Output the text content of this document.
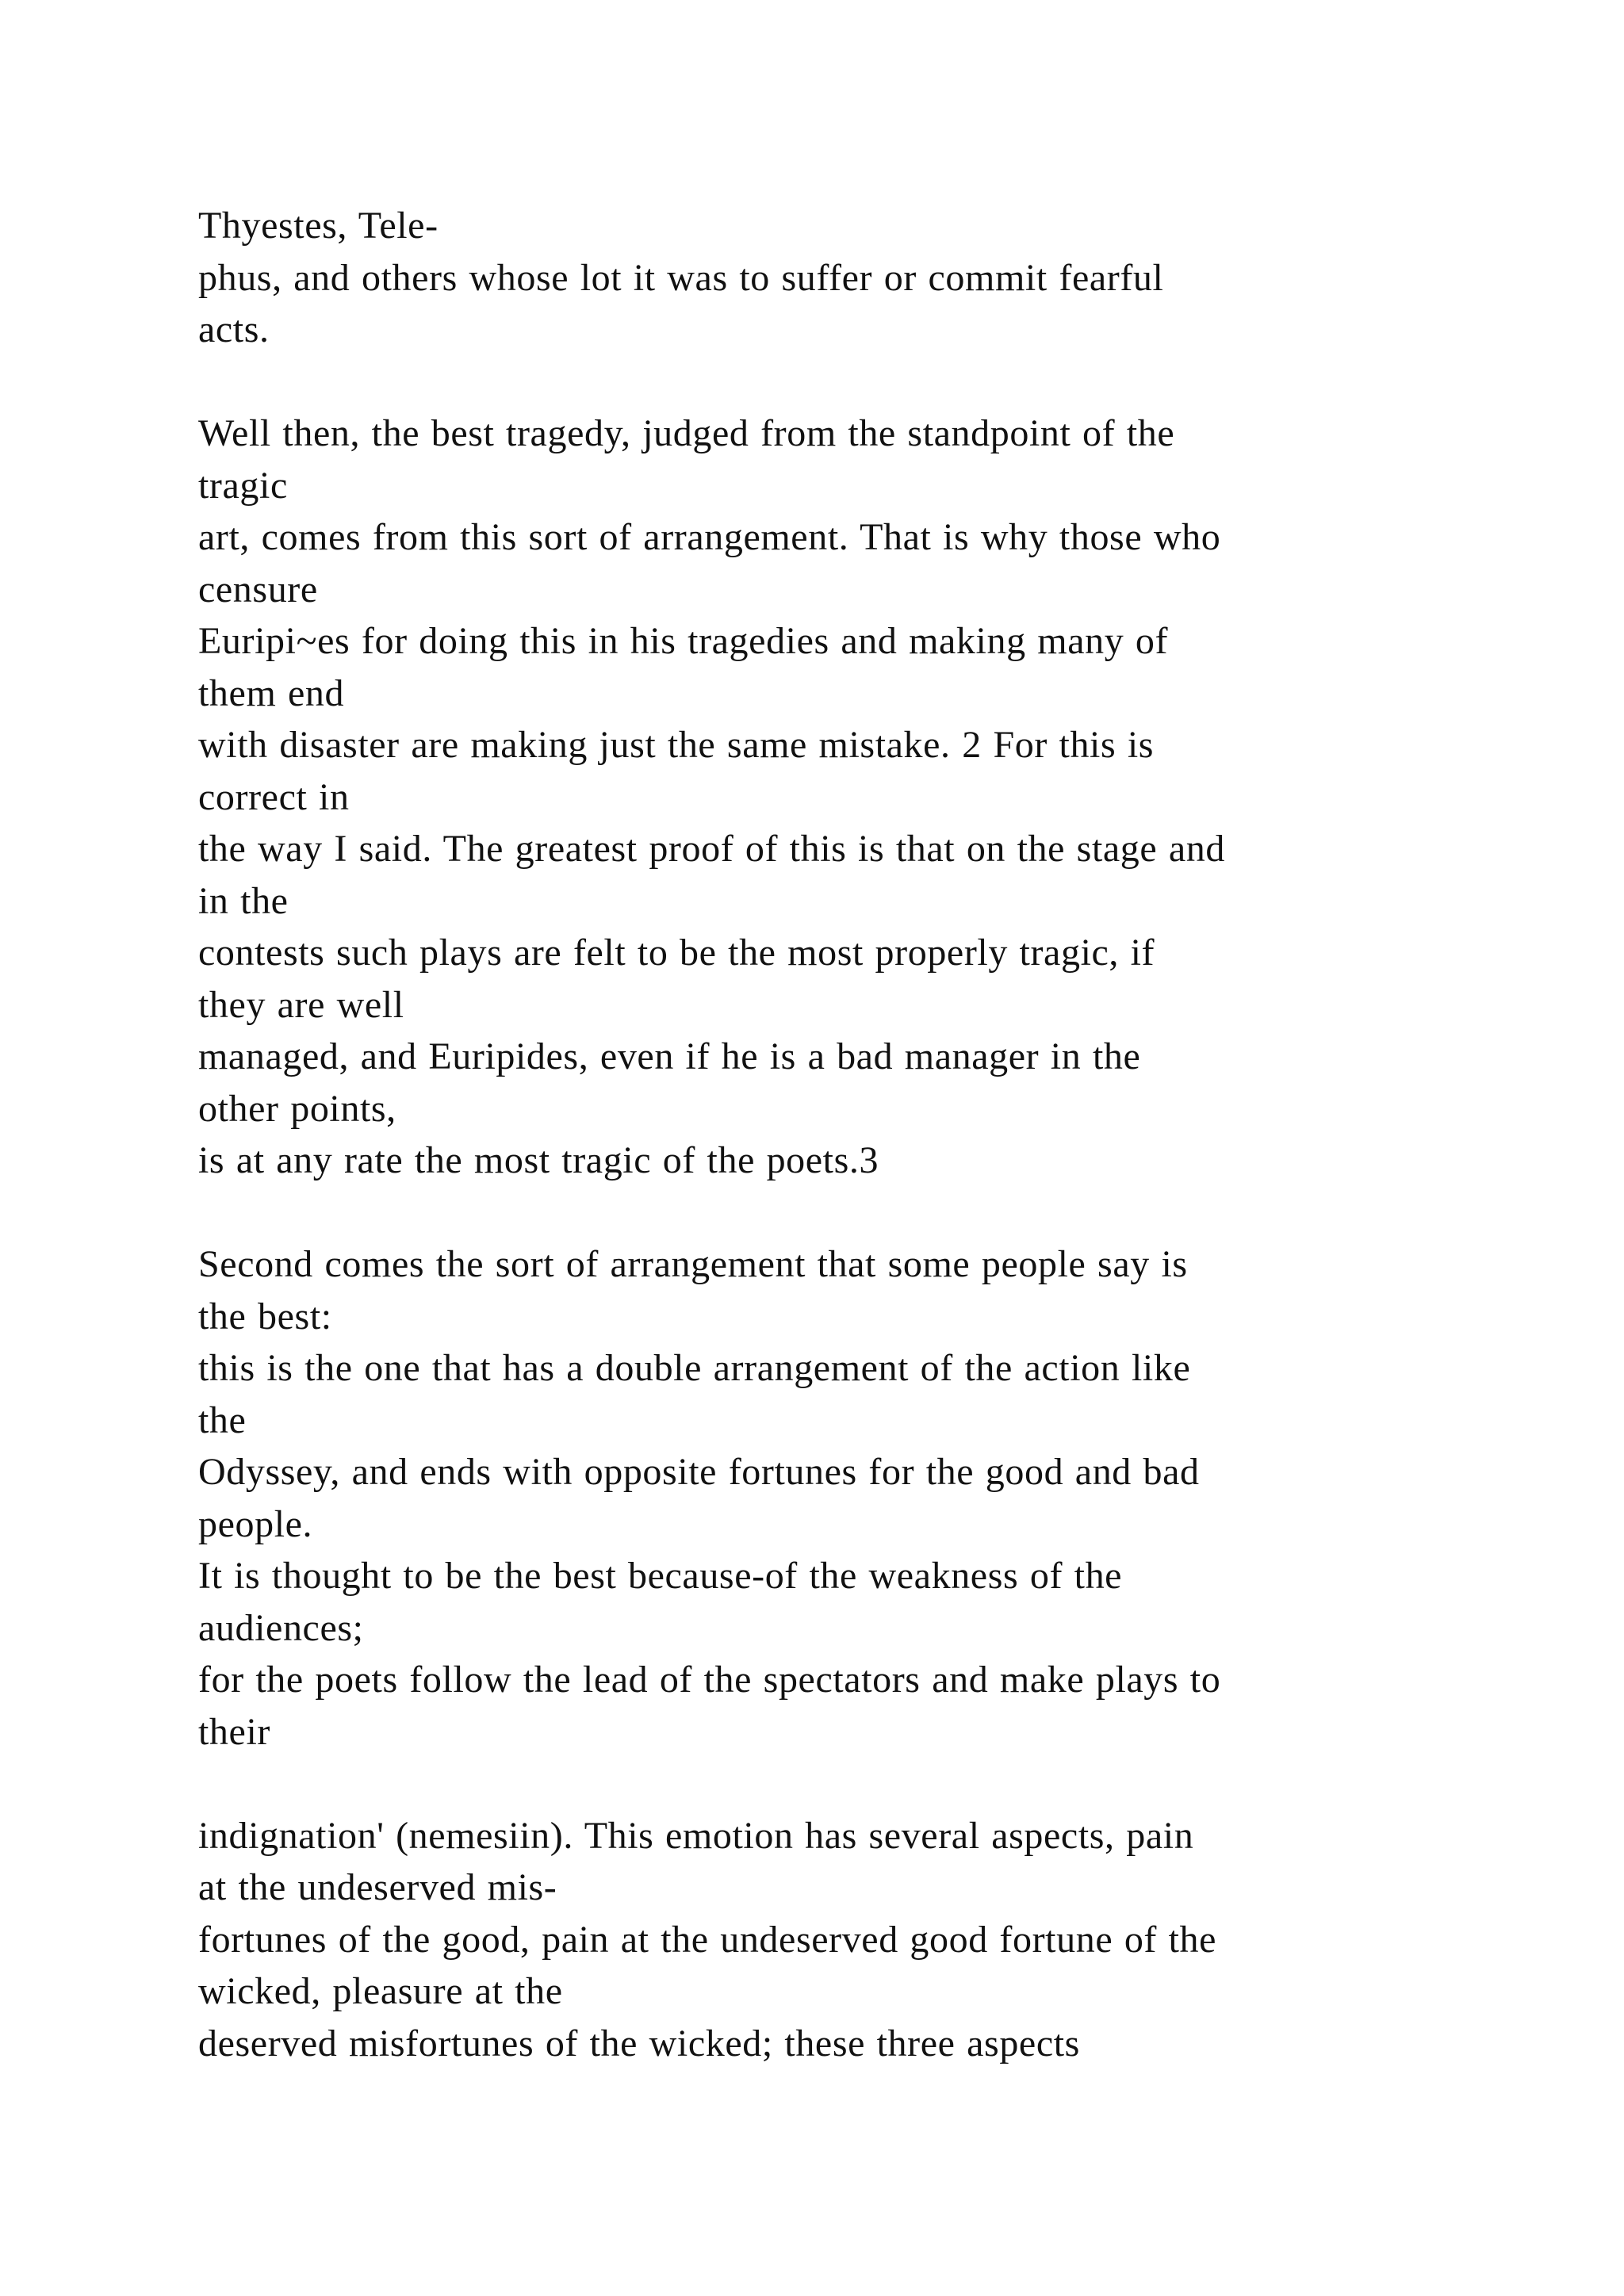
Thyestes, Tele-
phus, and others whose lot it was to suffer or commit fearful
acts.
Well then, the best tragedy, judged from the standpoint of the
tragic
art, comes from this sort of arrangement. That is why those who
censure
Euripi~es for doing this in his tragedies and making many of
them end
with disaster are making just the same mistake. 2 For this is
correct in
the way I said. The greatest proof of this is that on the stage and
in the
contests such plays are felt to be the most properly tragic, if
they are well
managed, and Euripides, even if he is a bad manager in the
other points,
is at any rate the most tragic of the poets.3
Second comes the sort of arrangement that some people say is
the best:
this is the one that has a double arrangement of the action like
the
Odyssey, and ends with opposite fortunes for the good and bad
people.
It is thought to be the best because-of the weakness of the
audiences;
for the poets follow the lead of the spectators and make plays to
their
indignation' (nemesiin). This emotion has several aspects, pain
at the undeserved mis-
fortunes of the good, pain at the undeserved good fortune of the
wicked, pleasure at the
deserved misfortunes of the wicked; these three aspects
